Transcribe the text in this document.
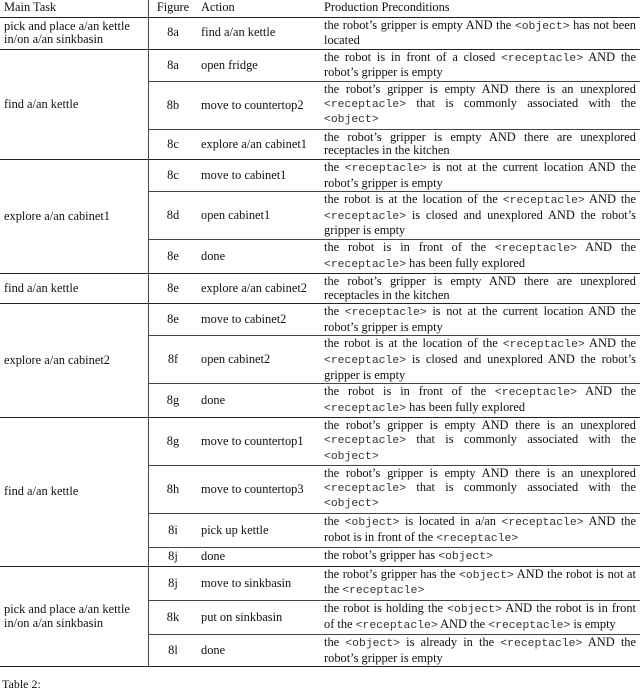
Main Task	Figure	Action	Production Preconditions
pick and place a/an kettle in/on a/an sinkbasin	8a	find a/an kettle	the robot’s gripper is empty AND the <object> has not been located
find a/an kettle	8a	open fridge	the robot is in front of a closed <receptacle> AND the robot’s gripper is empty
	8b	move to countertop2	the robot’s gripper is empty AND there is an unexplored <receptacle> that is commonly associated with the <object>
	8c	explore a/an cabinet1	the robot’s gripper is empty AND there are unexplored receptacles in the kitchen
explore a/an cabinet1	8c	move to cabinet1	the <receptacle> is not at the current location AND the robot’s gripper is empty
	8d	open cabinet1	the robot is at the location of the <receptacle> AND the <receptacle> is closed and unexplored AND the robot’s gripper is empty
	8e	done	the robot is in front of the <receptacle> AND the <receptacle> has been fully explored
find a/an kettle	8e	explore a/an cabinet2	the robot’s gripper is empty AND there are unexplored receptacles in the kitchen
explore a/an cabinet2	8e	move to cabinet2	the <receptacle> is not at the current location AND the robot’s gripper is empty
	8f	open cabinet2	the robot is at the location of the <receptacle> AND the <receptacle> is closed and unexplored AND the robot’s gripper is empty
	8g	done	the robot is in front of the <receptacle> AND the <receptacle> has been fully explored
find a/an kettle	8g	move to countertop1	the robot’s gripper is empty AND there is an unexplored <receptacle> that is commonly associated with the <object>
	8h	move to countertop3	the robot’s gripper is empty AND there is an unexplored <receptacle> that is commonly associated with the <object>
	8i	pick up kettle	the <object> is located in a/an <receptacle> AND the robot is in front of the <receptacle>
	8j	done	the robot’s gripper has <object>
pick and place a/an kettle in/on a/an sinkbasin	8j	move to sinkbasin	the robot’s gripper has the <object> AND the robot is not at the <receptacle>
	8k	put on sinkbasin	the robot is holding the <object> AND the robot is in front of the <receptacle> AND the <receptacle> is empty
	8l	done	the <object> is already in the <receptacle> AND the robot’s gripper is empty
Table 2:
